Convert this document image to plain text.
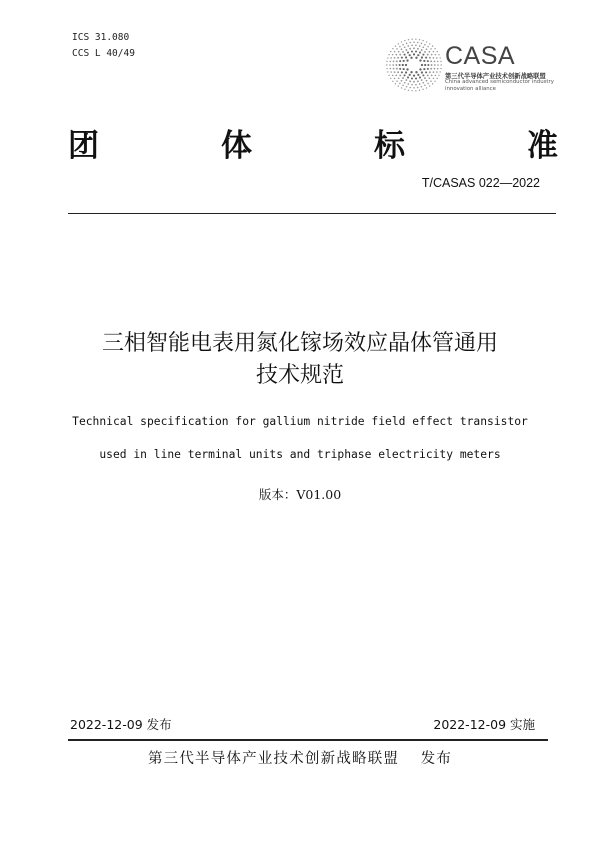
ICS 31.080
CCS L 40/49	CASA
第三代半导体产业技术创新战略联盟
China advanced semiconductor industry
innovation alliance
团	体	标	准
T/CASAS 022—2022
三相智能电表用氮化镓场效应晶体管通用
技术规范
Technical specification for gallium nitride field effect transistor
used in line terminal units and triphase electricity meters
版本：V01.00
2022-12-09 发布	2022-12-09 实施
第三代半导体产业技术创新战略联盟　 发布
